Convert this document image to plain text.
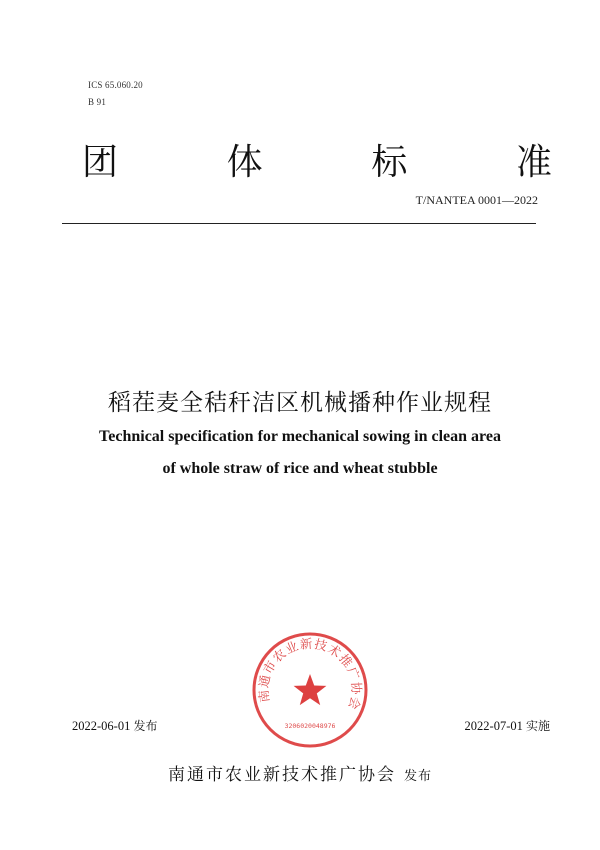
ICS 65.060.20
B 91
团	体	标	准
T/NANTEA 0001—2022
稻茬麦全秸秆洁区机械播种作业规程
Technical specification for mechanical sowing in clean area
of whole straw of rice and wheat stubble
南通市农业新技术推广协会
3206020048976
2022-06-01 发布	2022-07-01 实施
南通市农业新技术推广协会 发布
